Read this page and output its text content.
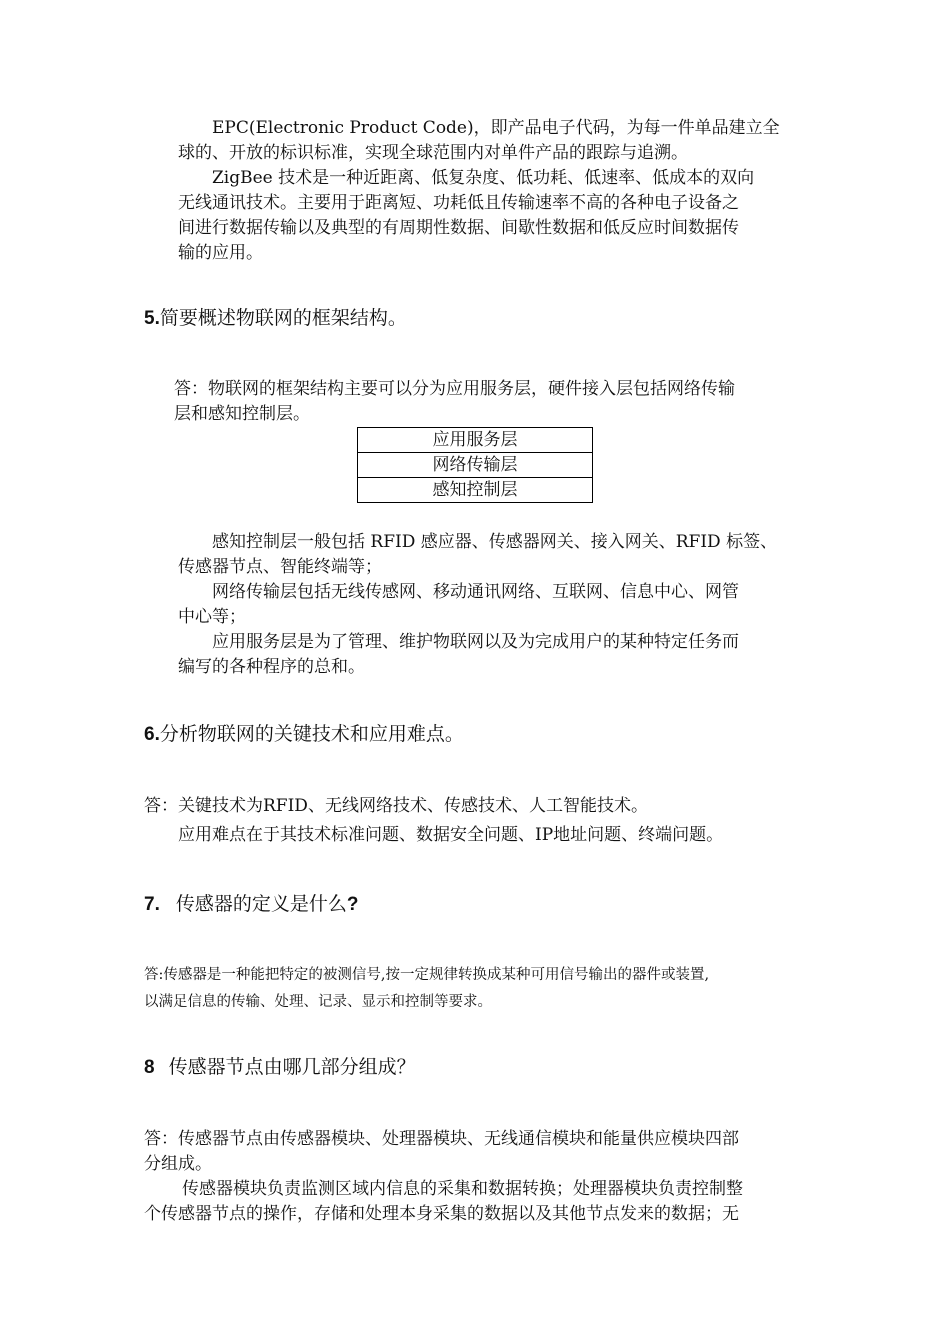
EPC(Electronic Product Code)，即产品电子代码，为每一件单品建立全
球的、开放的标识标准，实现全球范围内对单件产品的跟踪与追溯。
ZigBee 技术是一种近距离、低复杂度、低功耗、低速率、低成本的双向
无线通讯技术。主要用于距离短、功耗低且传输速率不高的各种电子设备之
间进行数据传输以及典型的有周期性数据、间歇性数据和低反应时间数据传
输的应用。
5.简要概述物联网的框架结构。
答：物联网的框架结构主要可以分为应用服务层，硬件接入层包括网络传输
层和感知控制层。
应用服务层
网络传输层
感知控制层
感知控制层一般包括 RFID 感应器、传感器网关、接入网关、RFID 标签、
传感器节点、智能终端等；
网络传输层包括无线传感网、移动通讯网络、互联网、信息中心、网管
中心等；
应用服务层是为了管理、维护物联网以及为完成用户的某种特定任务而
编写的各种程序的总和。
6.分析物联网的关键技术和应用难点。
答：关键技术为RFID、无线网络技术、传感技术、人工智能技术。
应用难点在于其技术标准问题、数据安全问题、IP地址问题、终端问题。
7. 传感器的定义是什么?
答:传感器是一种能把特定的被测信号,按一定规律转换成某种可用信号输出的器件或装置,
以满足信息的传输、处理、记录、显示和控制等要求。
8 传感器节点由哪几部分组成？
答：传感器节点由传感器模块、处理器模块、无线通信模块和能量供应模块四部
分组成。
传感器模块负责监测区域内信息的采集和数据转换；处理器模块负责控制整
个传感器节点的操作，存储和处理本身采集的数据以及其他节点发来的数据；无
